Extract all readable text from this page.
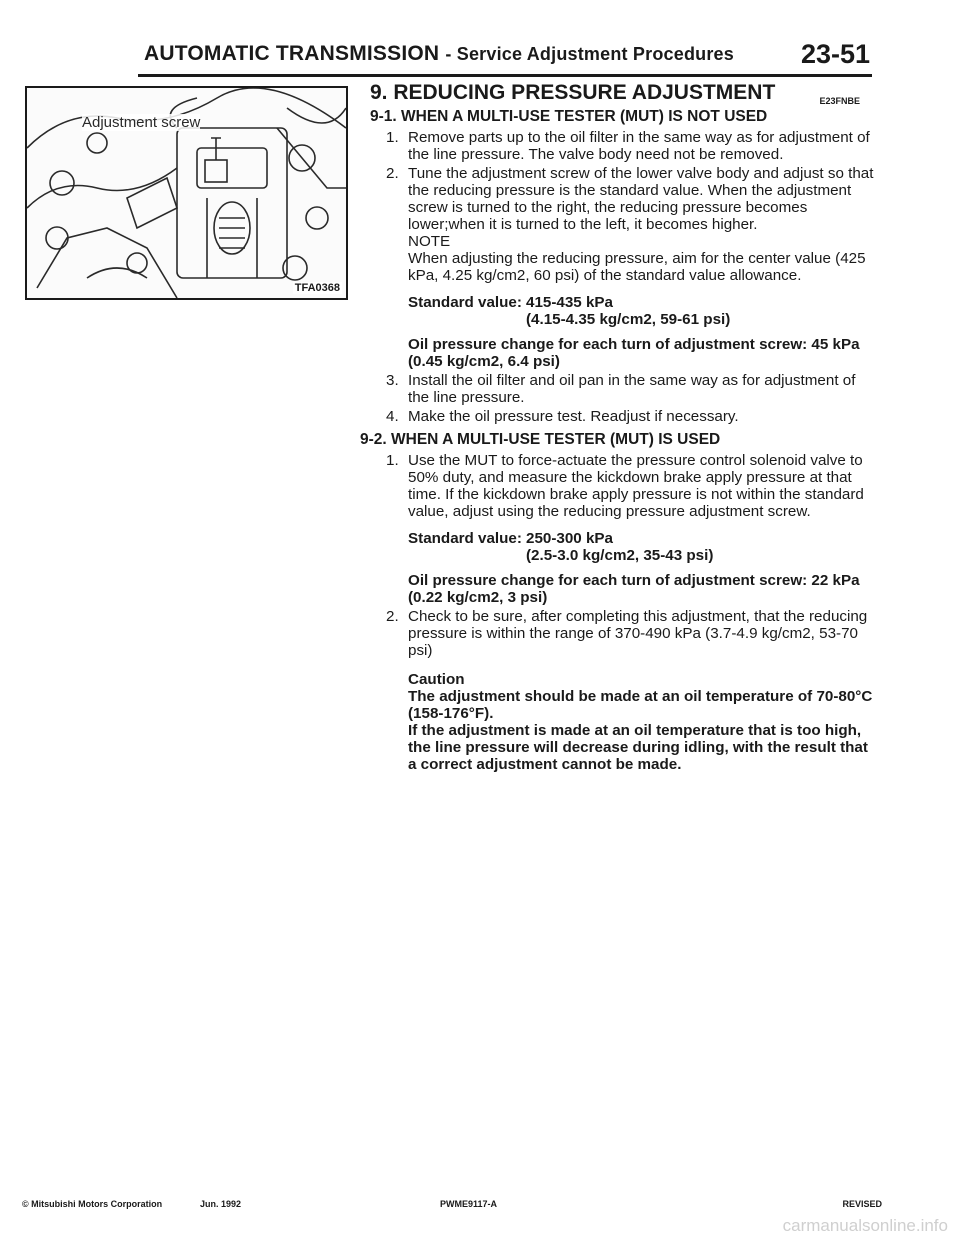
AUTOMATIC TRANSMISSION - Service Adjustment Procedures 23-51
Adjustment screw
TFA0368
9. REDUCING PRESSURE ADJUSTMENT	E23FNBE
9-1. WHEN A MULTI-USE TESTER (MUT) IS NOT USED
1. Remove parts up to the oil filter in the same way as for adjustment of the line pressure. The valve body need not be removed.

2. Tune the adjustment screw of the lower valve body and adjust so that the reducing pressure is the standard value. When the adjustment screw is turned to the right, the reducing pressure becomes lower;when it is turned to the left, it becomes higher.

NOTE

When adjusting the reducing pressure, aim for the center value (425 kPa, 4.25 kg/cm2, 60 psi) of the standard value allowance.

Standard value: 415-435 kPa
(4.15-4.35 kg/cm2, 59-61 psi)

Oil pressure change for each turn of adjustment screw: 45 kPa (0.45 kg/cm2, 6.4 psi)

3. Install the oil filter and oil pan in the same way as for adjustment of the line pressure.

4. Make the oil pressure test. Readjust if necessary.

9-2. WHEN A MULTI-USE TESTER (MUT) IS USED
1. Use the MUT to force-actuate the pressure control solenoid valve to 50% duty, and measure the kickdown brake apply pressure at that time. If the kickdown brake apply pressure is not within the standard value, adjust using the reducing pressure adjustment screw.

Standard value: 250-300 kPa
(2.5-3.0 kg/cm2, 35-43 psi)

Oil pressure change for each turn of adjustment screw: 22 kPa (0.22 kg/cm2, 3 psi)

2. Check to be sure, after completing this adjustment, that the reducing pressure is within the range of 370-490 kPa (3.7-4.9 kg/cm2, 53-70 psi)

Caution

The adjustment should be made at an oil temperature of 70-80°C (158-176°F).

If the adjustment is made at an oil temperature that is too high, the line pressure will decrease during idling, with the result that a correct adjustment cannot be made.

© Mitsubishi Motors Corporation	Jun. 1992	PWME9117-A	REVISED
carmanualsonline.info
